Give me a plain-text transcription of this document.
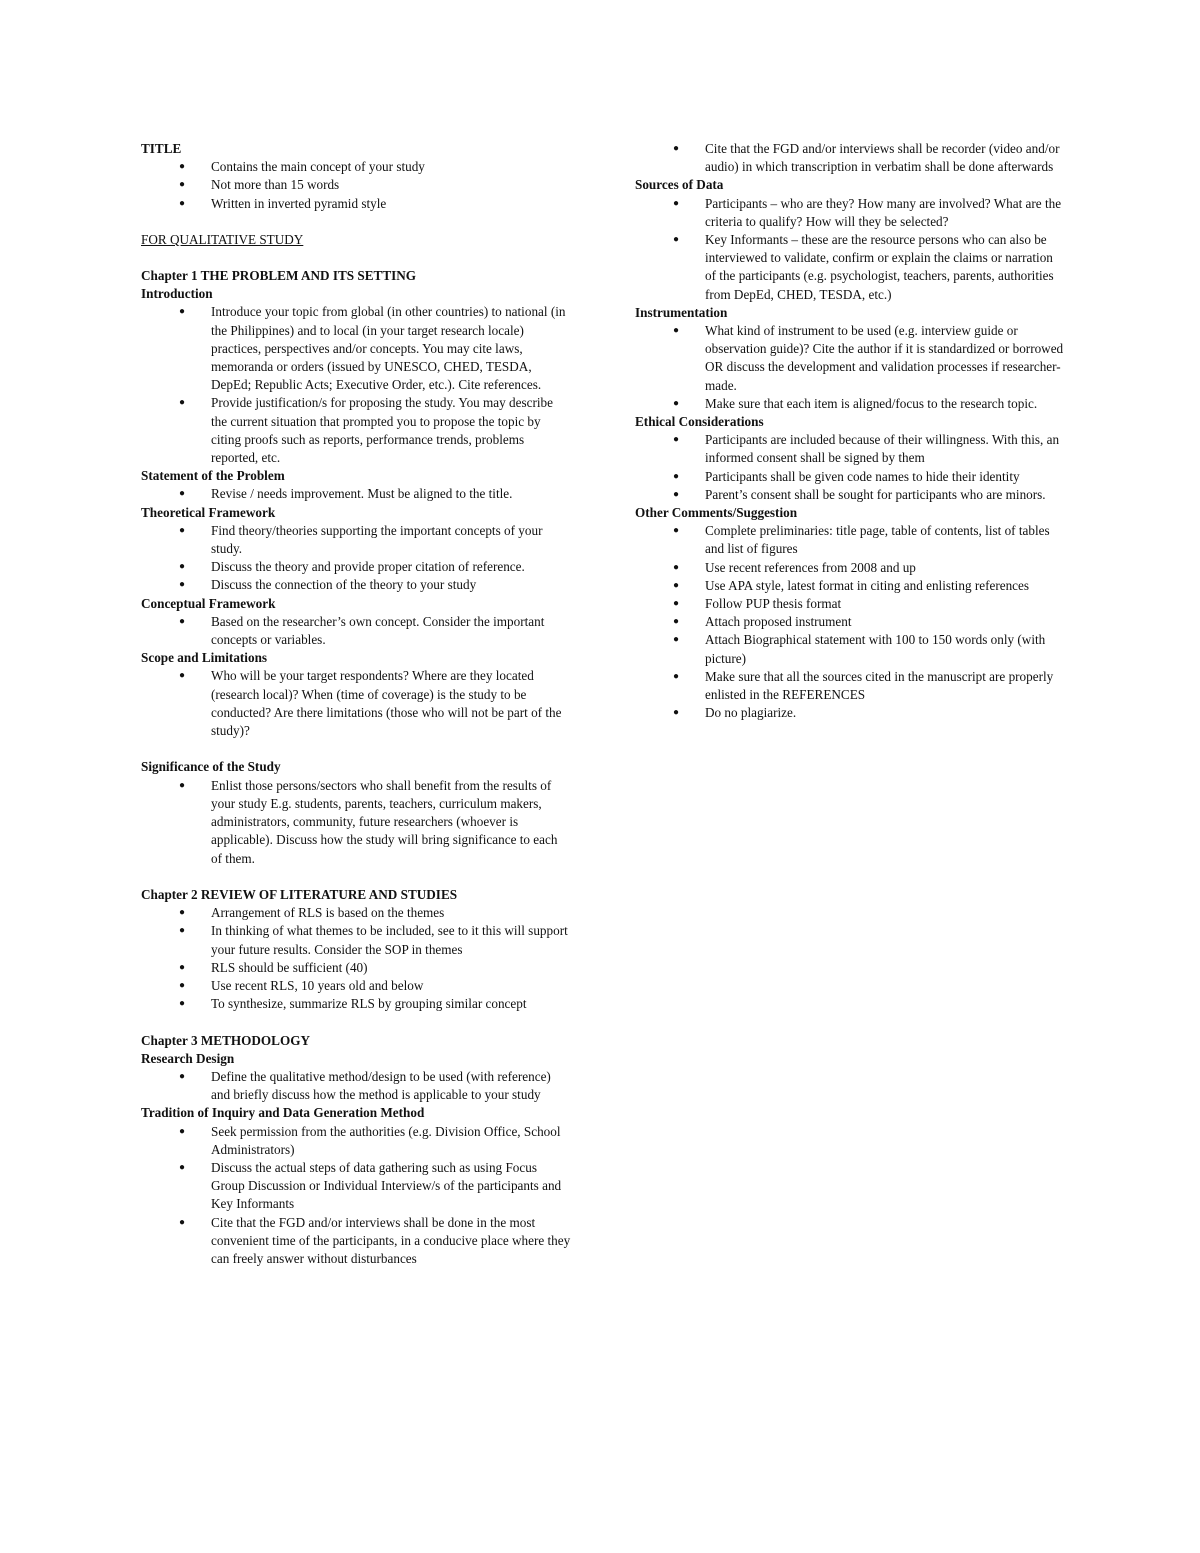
TITLE

● Contains the main concept of your study
● Not more than 15 words
● Written in inverted pyramid style

FOR QUALITATIVE STUDY

Chapter 1 THE PROBLEM AND ITS SETTING

Introduction

● Introduce your topic from global (in other countries) to national (in the Philippines) and to local (in your target research locale) practices, perspectives and/or concepts. You may cite laws, memoranda or orders (issued by UNESCO, CHED, TESDA, DepEd; Republic Acts; Executive Order, etc.). Cite references.
● Provide justification/s for proposing the study. You may describe the current situation that prompted you to propose the topic by citing proofs such as reports, performance trends, problems reported, etc.

Statement of the Problem

● Revise / needs improvement. Must be aligned to the title.

Theoretical Framework

● Find theory/theories supporting the important concepts of your study.
● Discuss the theory and provide proper citation of reference.
● Discuss the connection of the theory to your study

Conceptual Framework

● Based on the researcher’s own concept. Consider the important concepts or variables.

Scope and Limitations

● Who will be your target respondents? Where are they located (research local)? When (time of coverage) is the study to be conducted? Are there limitations (those who will not be part of the study)?

Significance of the Study

● Enlist those persons/sectors who shall benefit from the results of your study E.g. students, parents, teachers, curriculum makers, administrators, community, future researchers (whoever is applicable). Discuss how the study will bring significance to each of them.

Chapter 2 REVIEW OF LITERATURE AND STUDIES

● Arrangement of RLS is based on the themes
● In thinking of what themes to be included, see to it this will support your future results. Consider the SOP in themes
● RLS should be sufficient (40)
● Use recent RLS, 10 years old and below
● To synthesize, summarize RLS by grouping similar concept

Chapter 3 METHODOLOGY

Research Design

● Define the qualitative method/design to be used (with reference) and briefly discuss how the method is applicable to your study

Tradition of Inquiry and Data Generation Method

● Seek permission from the authorities (e.g. Division Office, School Administrators)
● Discuss the actual steps of data gathering such as using Focus Group Discussion or Individual Interview/s of the participants and Key Informants
● Cite that the FGD and/or interviews shall be done in the most convenient time of the participants, in a conducive place where they can freely answer without disturbances
● Cite that the FGD and/or interviews shall be recorder (video and/or audio) in which transcription in verbatim shall be done afterwards

Sources of Data

● Participants – who are they? How many are involved? What are the criteria to qualify? How will they be selected?
● Key Informants – these are the resource persons who can also be interviewed to validate, confirm or explain the claims or narration of the participants (e.g. psychologist, teachers, parents, authorities from DepEd, CHED, TESDA, etc.)

Instrumentation

● What kind of instrument to be used (e.g. interview guide or observation guide)? Cite the author if it is standardized or borrowed OR discuss the development and validation processes if researcher-made.
● Make sure that each item is aligned/focus to the research topic.

Ethical Considerations

● Participants are included because of their willingness. With this, an informed consent shall be signed by them
● Participants shall be given code names to hide their identity
● Parent’s consent shall be sought for participants who are minors.

Other Comments/Suggestion

● Complete preliminaries: title page, table of contents, list of tables and list of figures
● Use recent references from 2008 and up
● Use APA style, latest format in citing and enlisting references
● Follow PUP thesis format
● Attach proposed instrument
● Attach Biographical statement with 100 to 150 words only (with picture)
● Make sure that all the sources cited in the manuscript are properly enlisted in the REFERENCES
● Do no plagiarize.
